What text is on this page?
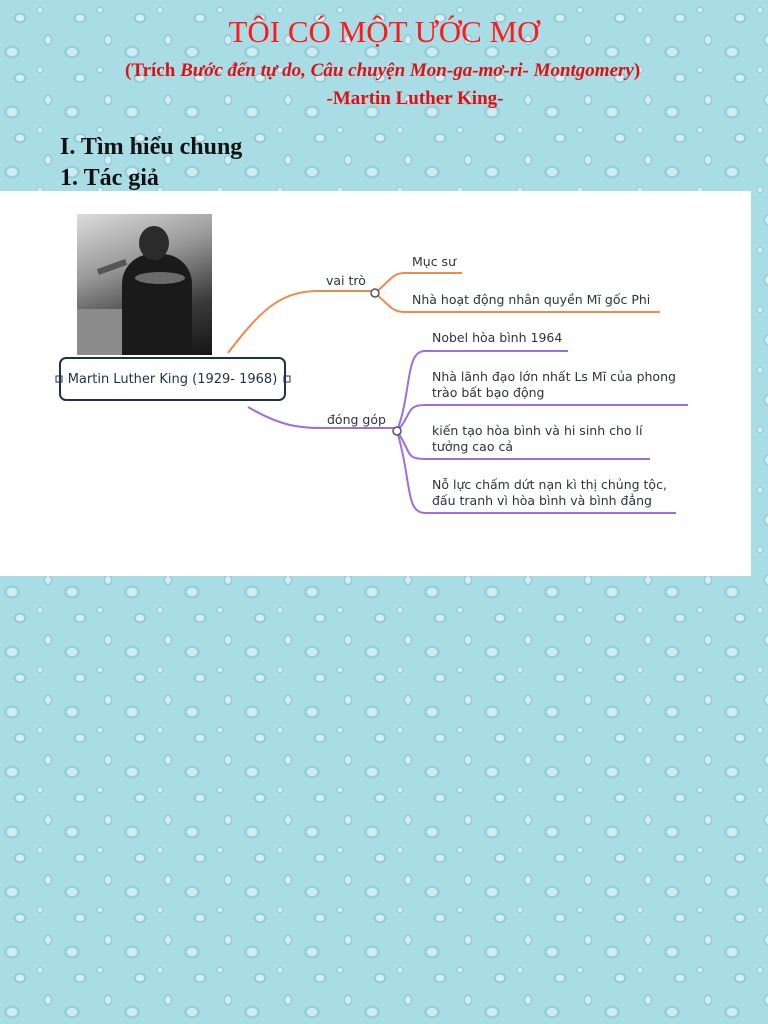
TÔI CÓ MỘT ƯỚC MƠ
(Trích Bước đến tự do, Câu chuyện Mon-ga-mơ-ri- Montgomery)
-Martin Luther King-
I. Tìm hiểu chung
1. Tác giả
Martin Luther King (1929- 1968)
vai trò
Mục sư
Nhà hoạt động nhân quyền Mĩ gốc Phi
đóng góp
Nobel hòa bình 1964
Nhà lãnh đạo lớn nhất Ls Mĩ của phong
trào bất bạo động
kiến tạo hòa bình và hi sinh cho lí
tưởng cao cả
Nỗ lực chấm dứt nạn kì thị chủng tộc,
đấu tranh vì hòa bình và bình đẳng
